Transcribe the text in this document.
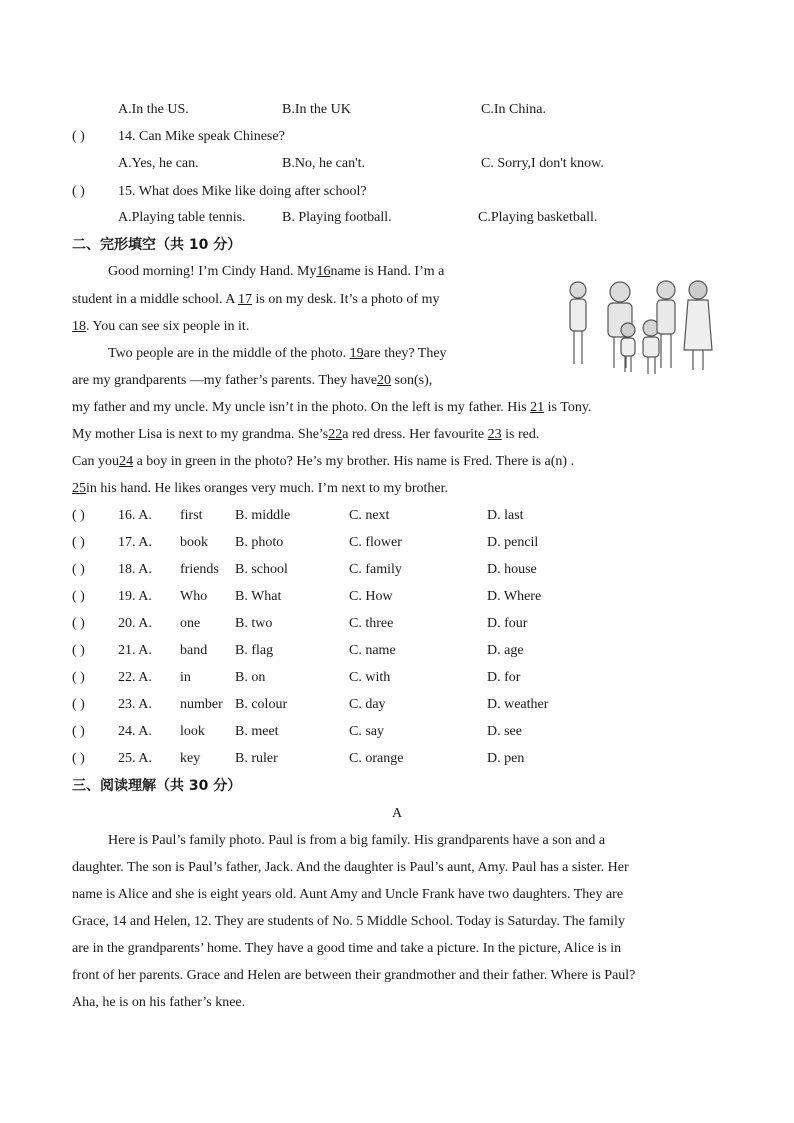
A.In the US.	B.In the UK	C.In China.
( ) 14. Can Mike speak Chinese?
A.Yes, he can.	B.No, he can't.	C. Sorry,I don't know.
( ) 15. What does Mike like doing after school?
A.Playing table tennis.	B. Playing football.	C.Playing basketball.
二、完形填空（共 10 分）
Good morning! I’m Cindy Hand. My16name is Hand. I’m a
student in a middle school. A 17 is on my desk. It’s a photo of my
18. You can see six people in it.
Two people are in the middle of the photo. 19are they? They
are my grandparents —my father’s parents. They have20 son(s),
my father and my uncle. My uncle isn’t in the photo. On the left is my father. His 21 is Tony.
My mother Lisa is next to my grandma. She’s22a red dress. Her favourite 23 is red.
Can you24 a boy in green in the photo? He’s my brother. His name is Fred. There is a(n) .
25in his hand. He likes oranges very much. I’m next to my brother.
( ) 16. A. first B. middle	C. next	D. last
( ) 17. A. book B. photo	C. flower	D. pencil
( ) 18. A. friends B. school	C. family	D. house
( ) 19. A. Who B. What	C. How	D. Where
( ) 20. A. one B. two	C. three	D. four
( ) 21. A. band B. flag	C. name	D. age
( ) 22. A. in	B. on	C. with	D. for
( ) 23. A. number B. colour	C. day	D. weather
( ) 24. A. look B. meet	C. say	D. see
( ) 25. A. key B. ruler	C. orange	D. pen
三、阅读理解（共 30 分）
A
Here is Paul’s family photo. Paul is from a big family. His grandparents have a son and a
daughter. The son is Paul’s father, Jack. And the daughter is Paul’s aunt, Amy. Paul has a sister. Her
name is Alice and she is eight years old. Aunt Amy and Uncle Frank have two daughters. They are
Grace, 14 and Helen, 12. They are students of No. 5 Middle School. Today is Saturday. The family
are in the grandparents’ home. They have a good time and take a picture. In the picture, Alice is in
front of her parents. Grace and Helen are between their grandmother and their father. Where is Paul?
Aha, he is on his father’s knee.
